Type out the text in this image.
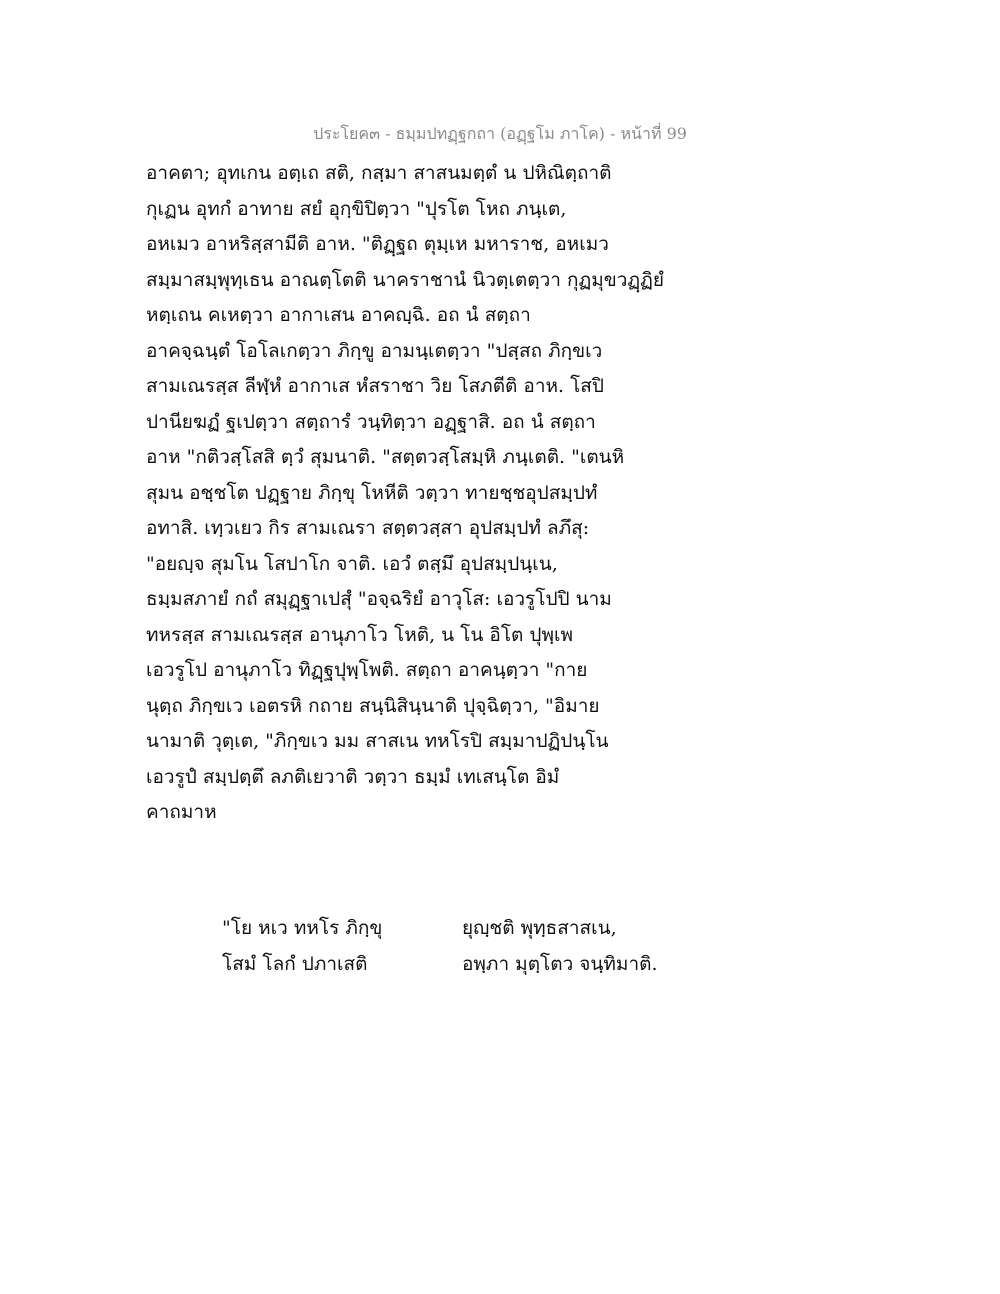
ประโยค๓ - ธมฺมปทฏฺฐกถา (อฏฺฐโม ภาโค) - หน้าที่ 99
อาคตา; อุทเกน อตฺเถ สติ, กสฺมา สาสนมตฺตํ น ปหิณิตฺถาติ
กุเฏน อุทกํ อาทาย สยํ อุกฺขิปิตฺวา "ปุรโต โหถ ภนฺเต,
อหเมว อาหริสฺสามีติ อาห. "ติฏฺฐถ ตุมฺเห มหาราช, อหเมว
สมฺมาสมฺพุทฺเธน อาณตฺโตติ นาคราชานํ นิวตฺเตตฺวา กุฏมุขวฏฺฏิยํ
หตฺเถน คเหตฺวา อากาเสน อาคญฺฉิ. อถ นํ สตฺถา
อาคจฺฉนฺตํ โอโลเกตฺวา ภิกฺขู อามนฺเตตฺวา "ปสฺสถ ภิกฺขเว
สามเณรสฺส ลีฬฺหํ อากาเส หํสราชา วิย โสภตีติ อาห. โสปิ
ปานียฆฏํ ฐเปตฺวา สตฺถารํ วนฺทิตฺวา อฏฺฐาสิ. อถ นํ สตฺถา
อาห "กติวสฺโสสิ ตฺวํ สุมนาติ. "สตฺตวสฺโสมฺหิ ภนฺเตติ. "เตนหิ
สุมน อชฺชโต ปฏฺฐาย ภิกฺขุ โหหีติ วตฺวา ทายชฺชอุปสมฺปทํ
อทาสิ. เทฺวเยว กิร สามเณรา สตฺตวสฺสา อุปสมฺปทํ ลภึสุ:
"อยญฺจ สุมโน โสปาโก จาติ. เอวํ ตสฺมึ อุปสมฺปนฺเน,
ธมฺมสภายํ กถํ สมุฏฺฐาเปสุํ "อจฺฉริยํ อาวุโส: เอวรูโปปิ นาม
ทหรสฺส สามเณรสฺส อานุภาโว โหติ, น โน อิโต ปุพฺเพ
เอวรูโป อานุภาโว ทิฏฺฐปุพฺโพติ. สตฺถา อาคนฺตฺวา "กาย
นุตฺถ ภิกฺขเว เอตรหิ กถาย สนฺนิสินฺนาติ ปุจฺฉิตฺวา, "อิมาย
นามาติ วุตฺเต, "ภิกฺขเว มม สาสเน ทหโรปิ สมฺมาปฏิปนฺโน
เอวรูปํ สมฺปตฺตึ ลภติเยวาติ วตฺวา ธมฺมํ เทเสนฺโต อิมํ
คาถมาห
"โย หเว ทหโร ภิกฺขุ	ยุญฺชติ พุทฺธสาสเน,
โสมํ โลกํ ปภาเสติ	อพฺภา มุตฺโตว จนฺทิมาติ.
